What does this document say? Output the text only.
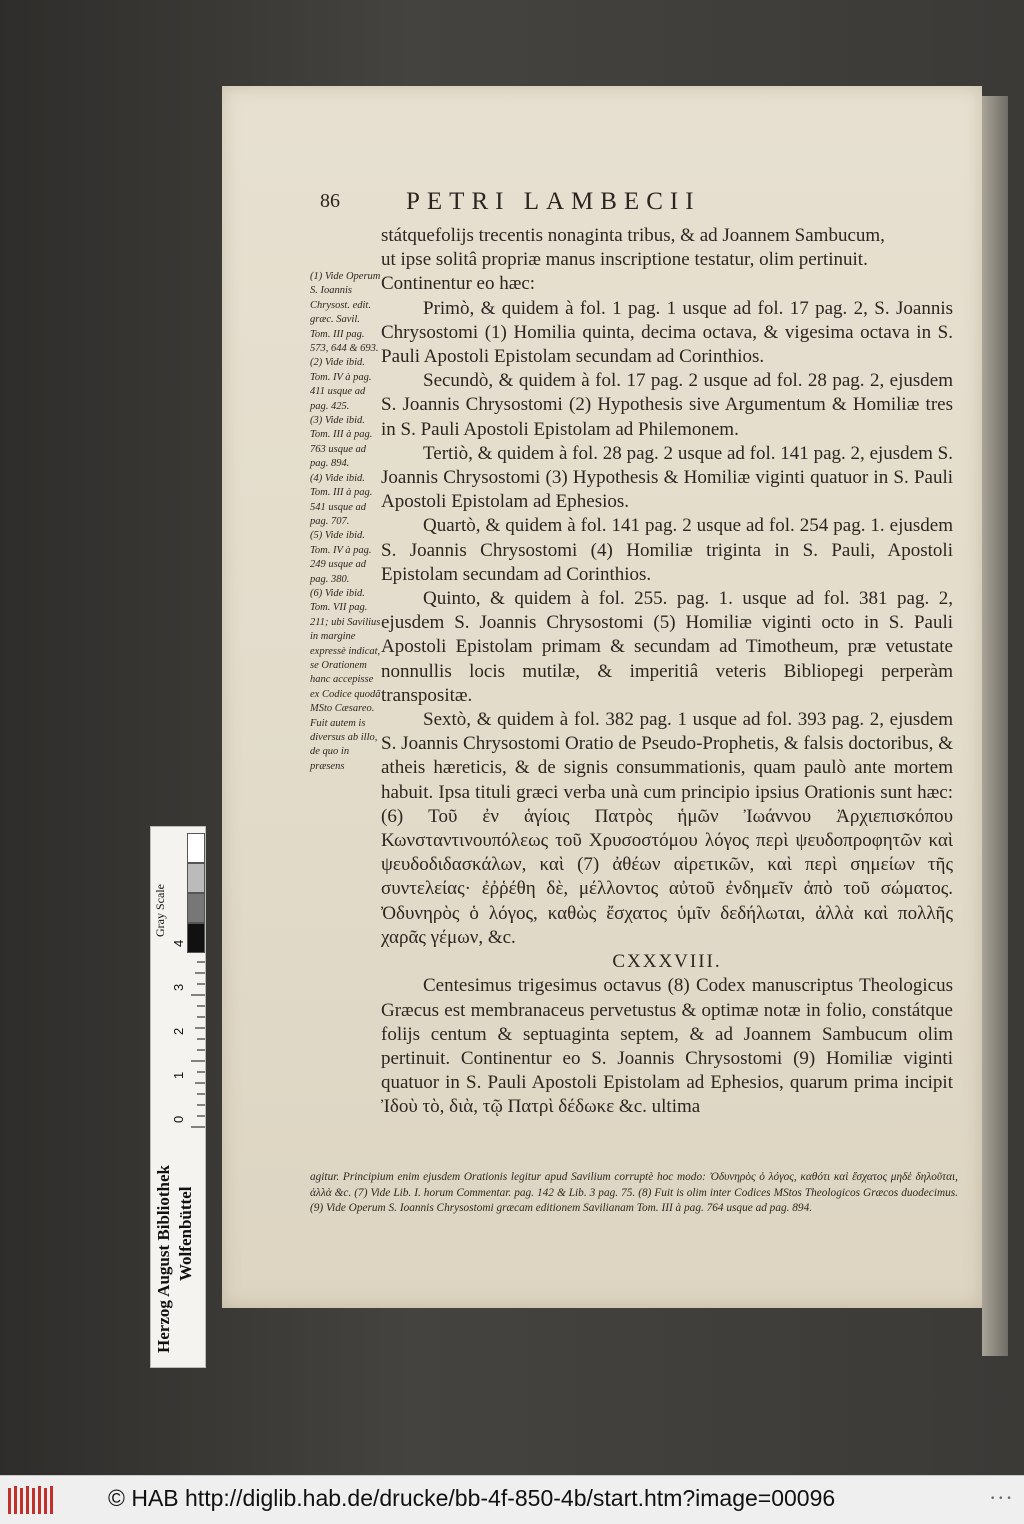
86	PETRI LAMBECII

státquefolijs trecentis nonaginta tribus, & ad Joannem Sambucum,

ut ipse solitâ propriæ manus inscriptione testatur, olim pertinuit.

Continentur eo hæc:

Primò, & quidem à fol. 1 pag. 1 usque ad fol. 17 pag. 2, S. Joannis Chrysostomi (1) Homilia quinta, decima octava, & vigesima octava in S. Pauli Apostoli Epistolam secundam ad Corinthios.

Secundò, & quidem à fol. 17 pag. 2 usque ad fol. 28 pag. 2, ejusdem S. Joannis Chrysostomi (2) Hypothesis sive Argumentum & Homiliæ tres in S. Pauli Apostoli Epistolam ad Philemonem.

Tertiò, & quidem à fol. 28 pag. 2 usque ad fol. 141 pag. 2, ejusdem S. Joannis Chrysostomi (3) Hypothesis & Homiliæ viginti quatuor in S. Pauli Apostoli Epistolam ad Ephesios.

Quartò, & quidem à fol. 141 pag. 2 usque ad fol. 254 pag. 1. ejusdem S. Joannis Chrysostomi (4) Homiliæ triginta in S. Pauli, Apostoli Epistolam secundam ad Corinthios.

Quinto, & quidem à fol. 255. pag. 1. usque ad fol. 381 pag. 2, ejusdem S. Joannis Chrysostomi (5) Homiliæ viginti octo in S. Pauli Apostoli Epistolam primam & secundam ad Timotheum, præ vetustate nonnullis locis mutilæ, & imperitiâ veteris Bibliopegi perperàm transpositæ.

Sextò, & quidem à fol. 382 pag. 1 usque ad fol. 393 pag. 2, ejusdem S. Joannis Chrysostomi Oratio de Pseudo-Prophetis, & falsis doctoribus, & atheis hæreticis, & de signis consummationis, quam paulò ante mortem habuit. Ipsa tituli græci verba unà cum principio ipsius Orationis sunt hæc: (6) Τοῦ ἐν ἁγίοις Πατρὸς ἡμῶν Ἰωάννου Ἀρχιεπισκόπου Κωνσταντινουπόλεως τοῦ Χρυσοστόμου λόγος περὶ ψευδοπροφητῶν καὶ ψευδοδιδασκάλων, καὶ (7) ἀθέων αἱρετικῶν, καὶ περὶ σημείων τῆς συντελείας· ἐῤῥέθη δὲ, μέλλοντος αὐτοῦ ἐνδημεῖν ἀπὸ τοῦ σώματος. Ὀδυνηρὸς ὁ λόγος, καθὼς ἔσχατος ὑμῖν δεδήλωται, ἀλλὰ καὶ πολλῆς χαρᾶς γέμων, &c.

CXXXVIII.

Centesimus trigesimus octavus (8) Codex manuscriptus Theologicus Græcus est membranaceus pervetustus & optimæ notæ in folio, constátque folijs centum & septuaginta septem, & ad Joannem Sambucum olim pertinuit. Continentur eo S. Joannis Chrysostomi (9) Homiliæ viginti quatuor in S. Pauli Apostoli Epistolam ad Ephesios, quarum prima incipit Ἰδοὺ τὸ, διὰ, τῷ Πατρὶ δέδωκε &c. ultima

(1) Vide Operum S. Ioannis Chrysost. edit. græc. Savil. Tom. III pag. 573, 644 & 693.

(2) Vide ibid. Tom. IV à pag. 411 usque ad pag. 425.

(3) Vide ibid. Tom. III à pag. 763 usque ad pag. 894.

(4) Vide ibid. Tom. III à pag. 541 usque ad pag. 707.

(5) Vide ibid. Tom. IV à pag. 249 usque ad pag. 380.

(6) Vide ibid. Tom. VII pag. 211; ubi Savilius in margine expressè indicat, se Orationem hanc accepisse ex Codice quodã MSto Cæsareo. Fuit autem is diversus ab illo, de quo in præsens

agitur. Principium enim ejusdem Orationis legitur apud Savilium corruptè hoc modo: Ὀδυνηρὸς ὁ λόγος, καθότι καὶ ἔσχατος μηδὲ δηλοῦται, ἀλλὰ &c. (7) Vide Lib. I. horum Commentar. pag. 142 & Lib. 3 pag. 75. (8) Fuit is olim inter Codices MStos Theologicos Græcos duodecimus. (9) Vide Operum S. Ioannis Chrysostomi græcam editionem Savilianam Tom. III à pag. 764 usque ad pag. 894.

Herzog August Bibliothek Wolfenbüttel
0
1
2
3
4
Gray Scale
© HAB http://diglib.hab.de/drucke/bb-4f-850-4b/start.htm?image=00096	• • •
